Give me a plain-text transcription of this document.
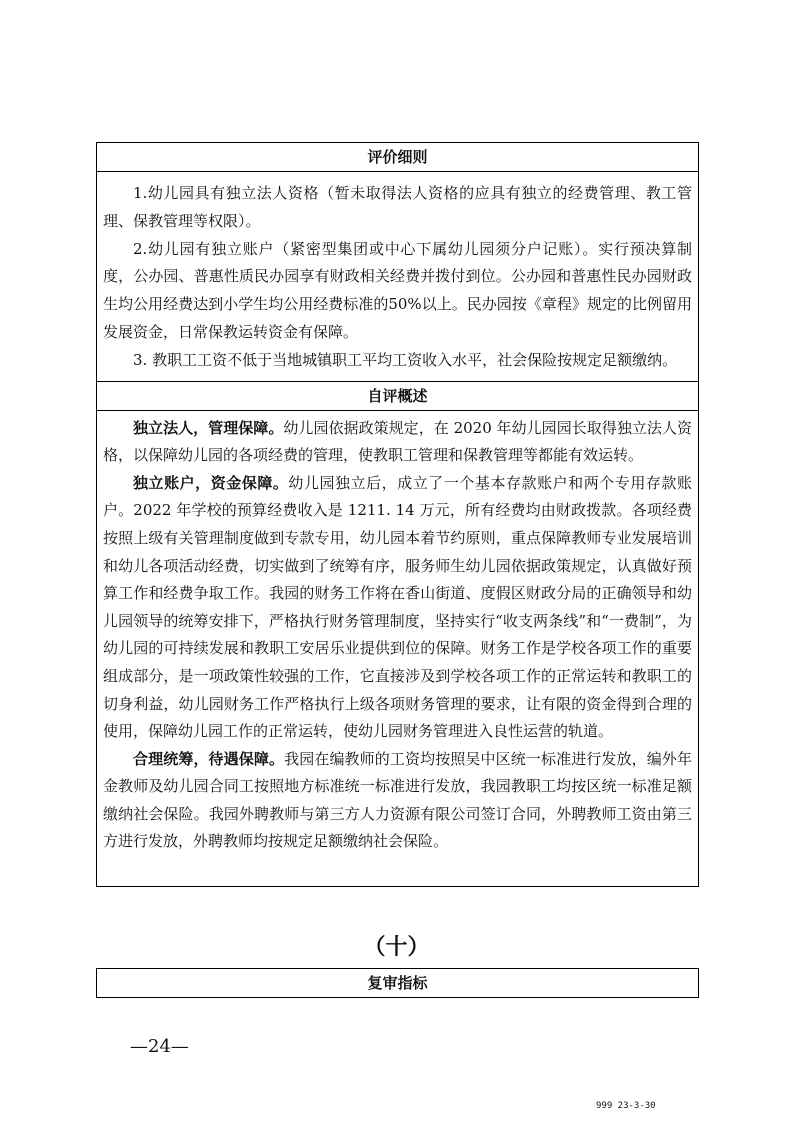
评价细则

1.幼儿园具有独立法人资格（暂未取得法人资格的应具有独立的经费管理、教工管理、保教管理等权限）。

2.幼儿园有独立账户（紧密型集团或中心下属幼儿园须分户记账）。实行预决算制度，公办园、普惠性质民办园享有财政相关经费并拨付到位。公办园和普惠性民办园财政生均公用经费达到小学生均公用经费标准的50%以上。民办园按《章程》规定的比例留用发展资金，日常保教运转资金有保障。

3. 教职工工资不低于当地城镇职工平均工资收入水平，社会保险按规定足额缴纳。

自评概述

独立法人，管理保障。幼儿园依据政策规定，在 2020 年幼儿园园长取得独立法人资格，以保障幼儿园的各项经费的管理，使教职工管理和保教管理等都能有效运转。

独立账户，资金保障。幼儿园独立后，成立了一个基本存款账户和两个专用存款账户。2022 年学校的预算经费收入是 1211. 14 万元，所有经费均由财政拨款。各项经费按照上级有关管理制度做到专款专用，幼儿园本着节约原则，重点保障教师专业发展培训和幼儿各项活动经费，切实做到了统筹有序，服务师生幼儿园依据政策规定，认真做好预算工作和经费争取工作。我园的财务工作将在香山街道、度假区财政分局的正确领导和幼儿园领导的统筹安排下，严格执行财务管理制度，坚持实行“收支两条线”和“一费制”，为幼儿园的可持续发展和教职工安居乐业提供到位的保障。财务工作是学校各项工作的重要组成部分，是一项政策性较强的工作，它直接涉及到学校各项工作的正常运转和教职工的切身利益，幼儿园财务工作严格执行上级各项财务管理的要求，让有限的资金得到合理的使用，保障幼儿园工作的正常运转，使幼儿园财务管理进入良性运营的轨道。

合理统筹，待遇保障。我园在编教师的工资均按照吴中区统一标准进行发放，编外年金教师及幼儿园合同工按照地方标准统一标准进行发放，我园教职工均按区统一标准足额缴纳社会保险。我园外聘教师与第三方人力资源有限公司签订合同，外聘教师工资由第三方进行发放，外聘教师均按规定足额缴纳社会保险。

（十）
复审指标
—24—
999 23-3-30
